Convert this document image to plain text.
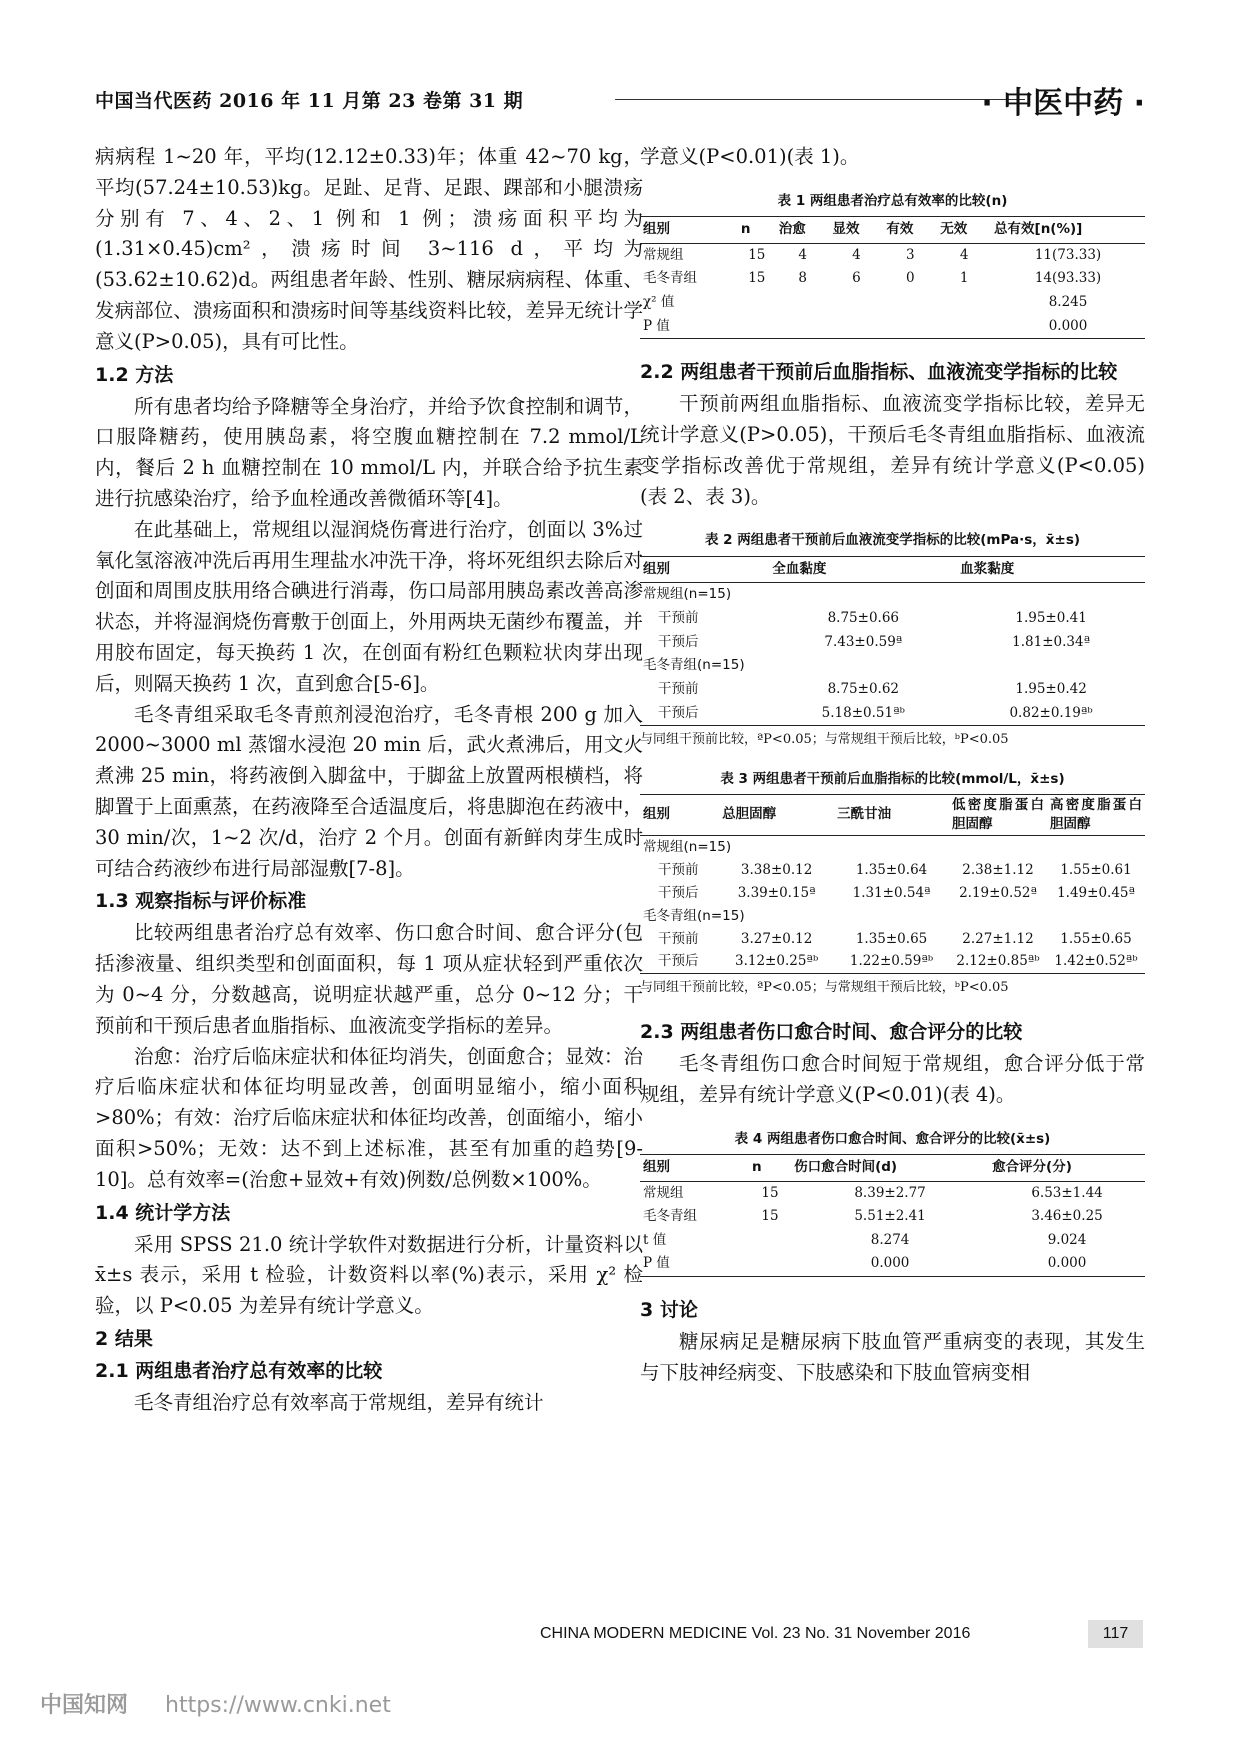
中国当代医药 2016 年 11 月第 23 卷第 31 期	· 中医中药 ·

病病程 1~20 年，平均(12.12±0.33)年；体重 42~70 kg，平均(57.24±10.53)kg。足趾、足背、足跟、踝部和小腿溃疡分别有 7、4、2、1 例和 1 例；溃疡面积平均为(1.31×0.45)cm²，溃疡时间 3~116 d，平均为(53.62±10.62)d。两组患者年龄、性别、糖尿病病程、体重、发病部位、溃疡面积和溃疡时间等基线资料比较，差异无统计学意义(P>0.05)，具有可比性。

1.2 方法

所有患者均给予降糖等全身治疗，并给予饮食控制和调节，口服降糖药，使用胰岛素，将空腹血糖控制在 7.2 mmol/L 内，餐后 2 h 血糖控制在 10 mmol/L 内，并联合给予抗生素进行抗感染治疗，给予血栓通改善微循环等[4]。

在此基础上，常规组以湿润烧伤膏进行治疗，创面以 3%过氧化氢溶液冲洗后再用生理盐水冲洗干净，将坏死组织去除后对创面和周围皮肤用络合碘进行消毒，伤口局部用胰岛素改善高渗状态，并将湿润烧伤膏敷于创面上，外用两块无菌纱布覆盖，并用胶布固定，每天换药 1 次，在创面有粉红色颗粒状肉芽出现后，则隔天换药 1 次，直到愈合[5-6]。

毛冬青组采取毛冬青煎剂浸泡治疗，毛冬青根 200 g 加入 2000~3000 ml 蒸馏水浸泡 20 min 后，武火煮沸后，用文火煮沸 25 min，将药液倒入脚盆中，于脚盆上放置两根横档，将脚置于上面熏蒸，在药液降至合适温度后，将患脚泡在药液中，30 min/次，1~2 次/d，治疗 2 个月。创面有新鲜肉芽生成时可结合药液纱布进行局部湿敷[7-8]。

1.3 观察指标与评价标准

比较两组患者治疗总有效率、伤口愈合时间、愈合评分(包括渗液量、组织类型和创面面积，每 1 项从症状轻到严重依次为 0~4 分，分数越高，说明症状越严重，总分 0~12 分；干预前和干预后患者血脂指标、血液流变学指标的差异。

治愈：治疗后临床症状和体征均消失，创面愈合；显效：治疗后临床症状和体征均明显改善，创面明显缩小，缩小面积>80%；有效：治疗后临床症状和体征均改善，创面缩小，缩小面积>50%；无效：达不到上述标准，甚至有加重的趋势[9-10]。总有效率=(治愈+显效+有效)例数/总例数×100%。

1.4 统计学方法

采用 SPSS 21.0 统计学软件对数据进行分析，计量资料以 x̄±s 表示，采用 t 检验，计数资料以率(%)表示，采用 χ² 检验，以 P<0.05 为差异有统计学意义。

2 结果

2.1 两组患者治疗总有效率的比较

毛冬青组治疗总有效率高于常规组，差异有统计

学意义(P<0.01)(表 1)。

表 1 两组患者治疗总有效率的比较(n)
组别	n	治愈	显效	有效	无效	总有效[n(%)]
常规组	15	4	4	3	4	11(73.33)
毛冬青组	15	8	6	0	1	14(93.33)
χ² 值						8.245
P 值						0.000

2.2 两组患者干预前后血脂指标、血液流变学指标的比较

干预前两组血脂指标、血液流变学指标比较，差异无统计学意义(P>0.05)，干预后毛冬青组血脂指标、血液流变学指标改善优于常规组，差异有统计学意义(P<0.05)(表 2、表 3)。

表 2 两组患者干预前后血液流变学指标的比较(mPa·s，x̄±s)
组别	全血黏度	血浆黏度
常规组(n=15)		
干预前	8.75±0.66	1.95±0.41
干预后	7.43±0.59ª	1.81±0.34ª
毛冬青组(n=15)		
干预前	8.75±0.62	1.95±0.42
干预后	5.18±0.51ªᵇ	0.82±0.19ªᵇ
与同组干预前比较，ªP<0.05；与常规组干预后比较，ᵇP<0.05
表 3 两组患者干预前后血脂指标的比较(mmol/L，x̄±s)
组别	总胆固醇	三酰甘油	低密度脂蛋白胆固醇	高密度脂蛋白胆固醇
常规组(n=15)				
干预前	3.38±0.12	1.35±0.64	2.38±1.12	1.55±0.61
干预后	3.39±0.15ª	1.31±0.54ª	2.19±0.52ª	1.49±0.45ª
毛冬青组(n=15)				
干预前	3.27±0.12	1.35±0.65	2.27±1.12	1.55±0.65
干预后	3.12±0.25ªᵇ	1.22±0.59ªᵇ	2.12±0.85ªᵇ	1.42±0.52ªᵇ
与同组干预前比较，ªP<0.05；与常规组干预后比较，ᵇP<0.05

2.3 两组患者伤口愈合时间、愈合评分的比较

毛冬青组伤口愈合时间短于常规组，愈合评分低于常规组，差异有统计学意义(P<0.01)(表 4)。

表 4 两组患者伤口愈合时间、愈合评分的比较(x̄±s)
组别	n	伤口愈合时间(d)	愈合评分(分)
常规组	15	8.39±2.77	6.53±1.44
毛冬青组	15	5.51±2.41	3.46±0.25
t 值		8.274	9.024
P 值		0.000	0.000

3 讨论

糖尿病足是糖尿病下肢血管严重病变的表现，其发生与下肢神经病变、下肢感染和下肢血管病变相

CHINA MODERN MEDICINE Vol. 23 No. 31 November 2016	117
中国知网 https://www.cnki.net
